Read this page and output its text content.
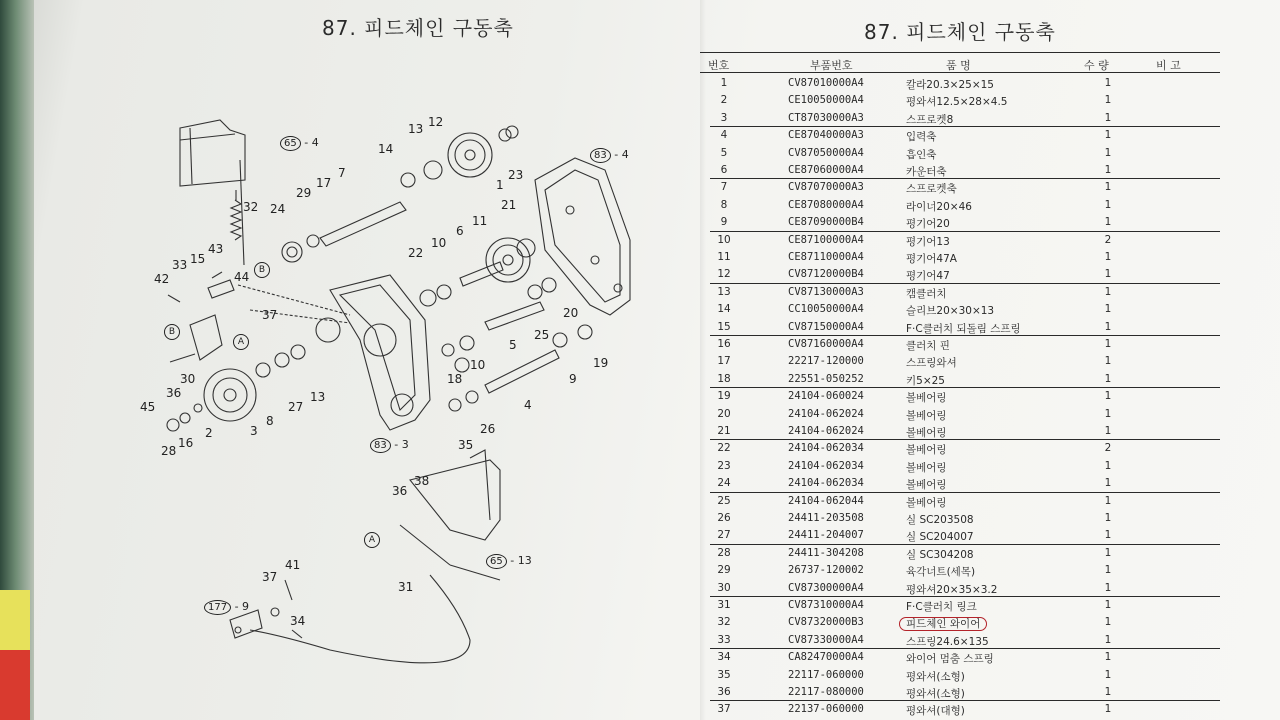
87. 피드체인 구동축	87. 피드체인 구동축
32 24
29
17
7
14
13 12
1
23
21
11
6
10
22
25
20
5
19
9
4
10
18
26
35
13
27
8
3
2
16
28
45
36
30
37
44
43
15
33
42
38
36
31
41
37
34
65 - 4
83 - 4
83 - 3
65 - 13
177 - 9
B
B
A
A
번호	부품번호	품 명	수 량	비 고
1	CV87010000A4	칼라20.3×25×15	1
2	CE10050000A4	평와셔12.5×28×4.5	1
3	CT87030000A3	스프로켓8	1
4	CE87040000A3	입력축	1
5	CV87050000A4	흡인축	1
6	CE87060000A4	카운터축	1
7	CV87070000A3	스프로켓축	1
8	CE87080000A4	라이너20×46	1
9	CE87090000B4	평기어20	1
10	CE87100000A4	평기어13	2
11	CE87110000A4	평기어47A	1
12	CV87120000B4	평기어47	1
13	CV87130000A3	캠클러치	1
14	CC10050000A4	슬리브20×30×13	1
15	CV87150000A4	F·C클러치 되돌림 스프링	1
16	CV87160000A4	클러치 핀	1
17	22217-120000	스프링와셔	1
18	22551-050252	키5×25	1
19	24104-060024	볼베어링	1
20	24104-062024	볼베어링	1
21	24104-062024	볼베어링	1
22	24104-062034	볼베어링	2
23	24104-062034	볼베어링	1
24	24104-062034	볼베어링	1
25	24104-062044	볼베어링	1
26	24411-203508	실 SC203508	1
27	24411-204007	실 SC204007	1
28	24411-304208	실 SC304208	1
29	26737-120002	육각너트(세목)	1
30	CV87300000A4	평와셔20×35×3.2	1
31	CV87310000A4	F·C클러치 링크	1
32	CV87320000B3	피드체인 와이어	1
33	CV87330000A4	스프링24.6×135	1
34	CA82470000A4	와이어 멈춤 스프링	1
35	22117-060000	평와셔(소형)	1
36	22117-080000	평와셔(소형)	1
37	22137-060000	평와셔(대형)	1
